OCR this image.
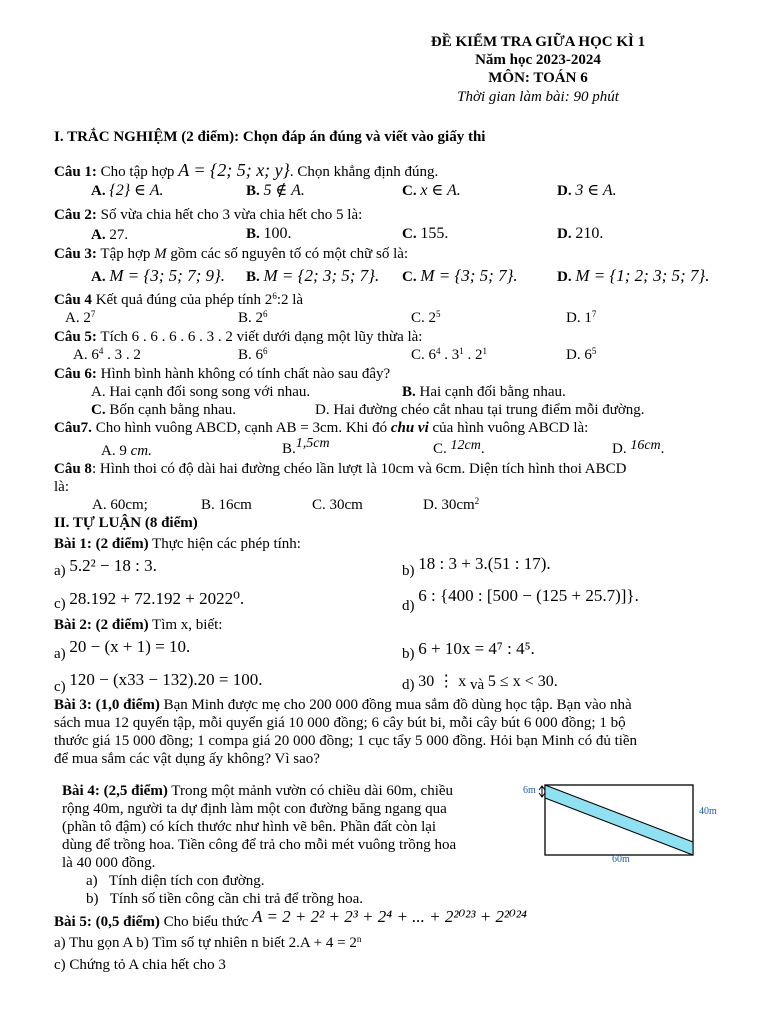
ĐỀ KIỂM TRA GIỮA HỌC KÌ 1
Năm học 2023-2024
MÔN: TOÁN 6
Thời gian làm bài: 90 phút
I. TRẮC NGHIỆM (2 điểm): Chọn đáp án đúng và viết vào giấy thi
Câu 1: Cho tập hợp A = {2; 5; x; y}. Chọn khẳng định đúng.
A. {2} ∈ A.	B. 5 ∉ A.	C. x ∈ A.	D. 3 ∈ A.
Câu 2: Số vừa chia hết cho 3 vừa chia hết cho 5 là:
A. 27.	B. 100.	C. 155.	D. 210.
Câu 3: Tập hợp M gồm các số nguyên tố có một chữ số là:
A. M = {3; 5; 7; 9}. B. M = {2; 3; 5; 7}. C. M = {3; 5; 7}.	D. M = {1; 2; 3; 5; 7}.
Câu 4 Kết quả đúng của phép tính $2^6:2$ là
A. $2^7$	B. $2^6$	C. $2^5$	D. $1^7$
Câu 5: Tích 6 . 6 . 6 . 6 . 3 . 2 viết dưới dạng một lũy thừa là:
A. $6^4$ . 3 . 2	B. $6^6$	C. $6^4$ . $3^1$ . $2^1$	D. $6^5$
Câu 6: Hình bình hành không có tính chất nào sau đây?
A. Hai cạnh đối song song với nhau.	B. Hai cạnh đối bằng nhau.
C. Bốn cạnh bằng nhau.	D. Hai đường chéo cắt nhau tại trung điểm mỗi đường.
Câu7. Cho hình vuông ABCD, cạnh AB = 3cm. Khi đó chu vi của hình vuông ABCD là:
A. 9 cm.	B.1,5cm	C. 12cm.	D. 16cm.
Câu 8: Hình thoi có độ dài hai đường chéo lần lượt là 10cm và 6cm. Diện tích hình thoi ABCD
là:
A. 60cm;	B. 16cm	C. 30cm	D. $30cm^2$
II. TỰ LUẬN (8 điểm)
Bài 1: (2 điểm) Thực hiện các phép tính:
a) 5.2² − 18 : 3.	b) 18 : 3 + 3.(51 : 17).
c) 28.192 + 72.192 + 2022⁰.	d) 6 : {400 : [500 − (125 + 25.7)]}.
Bài 2: (2 điểm) Tìm x, biết:
a) 20 − (x + 1) = 10.	b) 6 + 10x = 4⁷ : 4⁵.
c) 120 − (x33 − 132).20 = 100.	d) 30 ⋮ x và 5 ≤ x < 30.
Bài 3: (1,0 điểm) Bạn Minh được mẹ cho 200 000 đồng mua sắm đồ dùng học tập. Bạn vào nhà
sách mua 12 quyển tập, mỗi quyển giá 10 000 đồng; 6 cây bút bi, mỗi cây bút 6 000 đồng; 1 bộ
thước giá 15 000 đồng; 1 compa giá 20 000 đồng; 1 cục tẩy 5 000 đồng. Hỏi bạn Minh có đủ tiền
để mua sắm các vật dụng ấy không? Vì sao?
Bài 4: (2,5 điểm) Trong một mảnh vườn có chiều dài 60m, chiều
rộng 40m, người ta dự định làm một con đường băng ngang qua
(phần tô đậm) có kích thước như hình vẽ bên. Phần đất còn lại
dùng để trồng hoa. Tiền công để trả cho mỗi mét vuông trồng hoa
là 40 000 đồng.
a) Tính diện tích con đường.
b) Tính số tiền công cần chi trả để trồng hoa.
6m
40m
60m
Bài 5: (0,5 điểm) Cho biểu thức A = 2 + 2² + 2³ + 2⁴ + ... + 2²⁰²³ + 2²⁰²⁴
a) Thu gọn A b) Tìm số tự nhiên n biết $2.A + 4 = 2^n$
c) Chứng tỏ A chia hết cho 3
